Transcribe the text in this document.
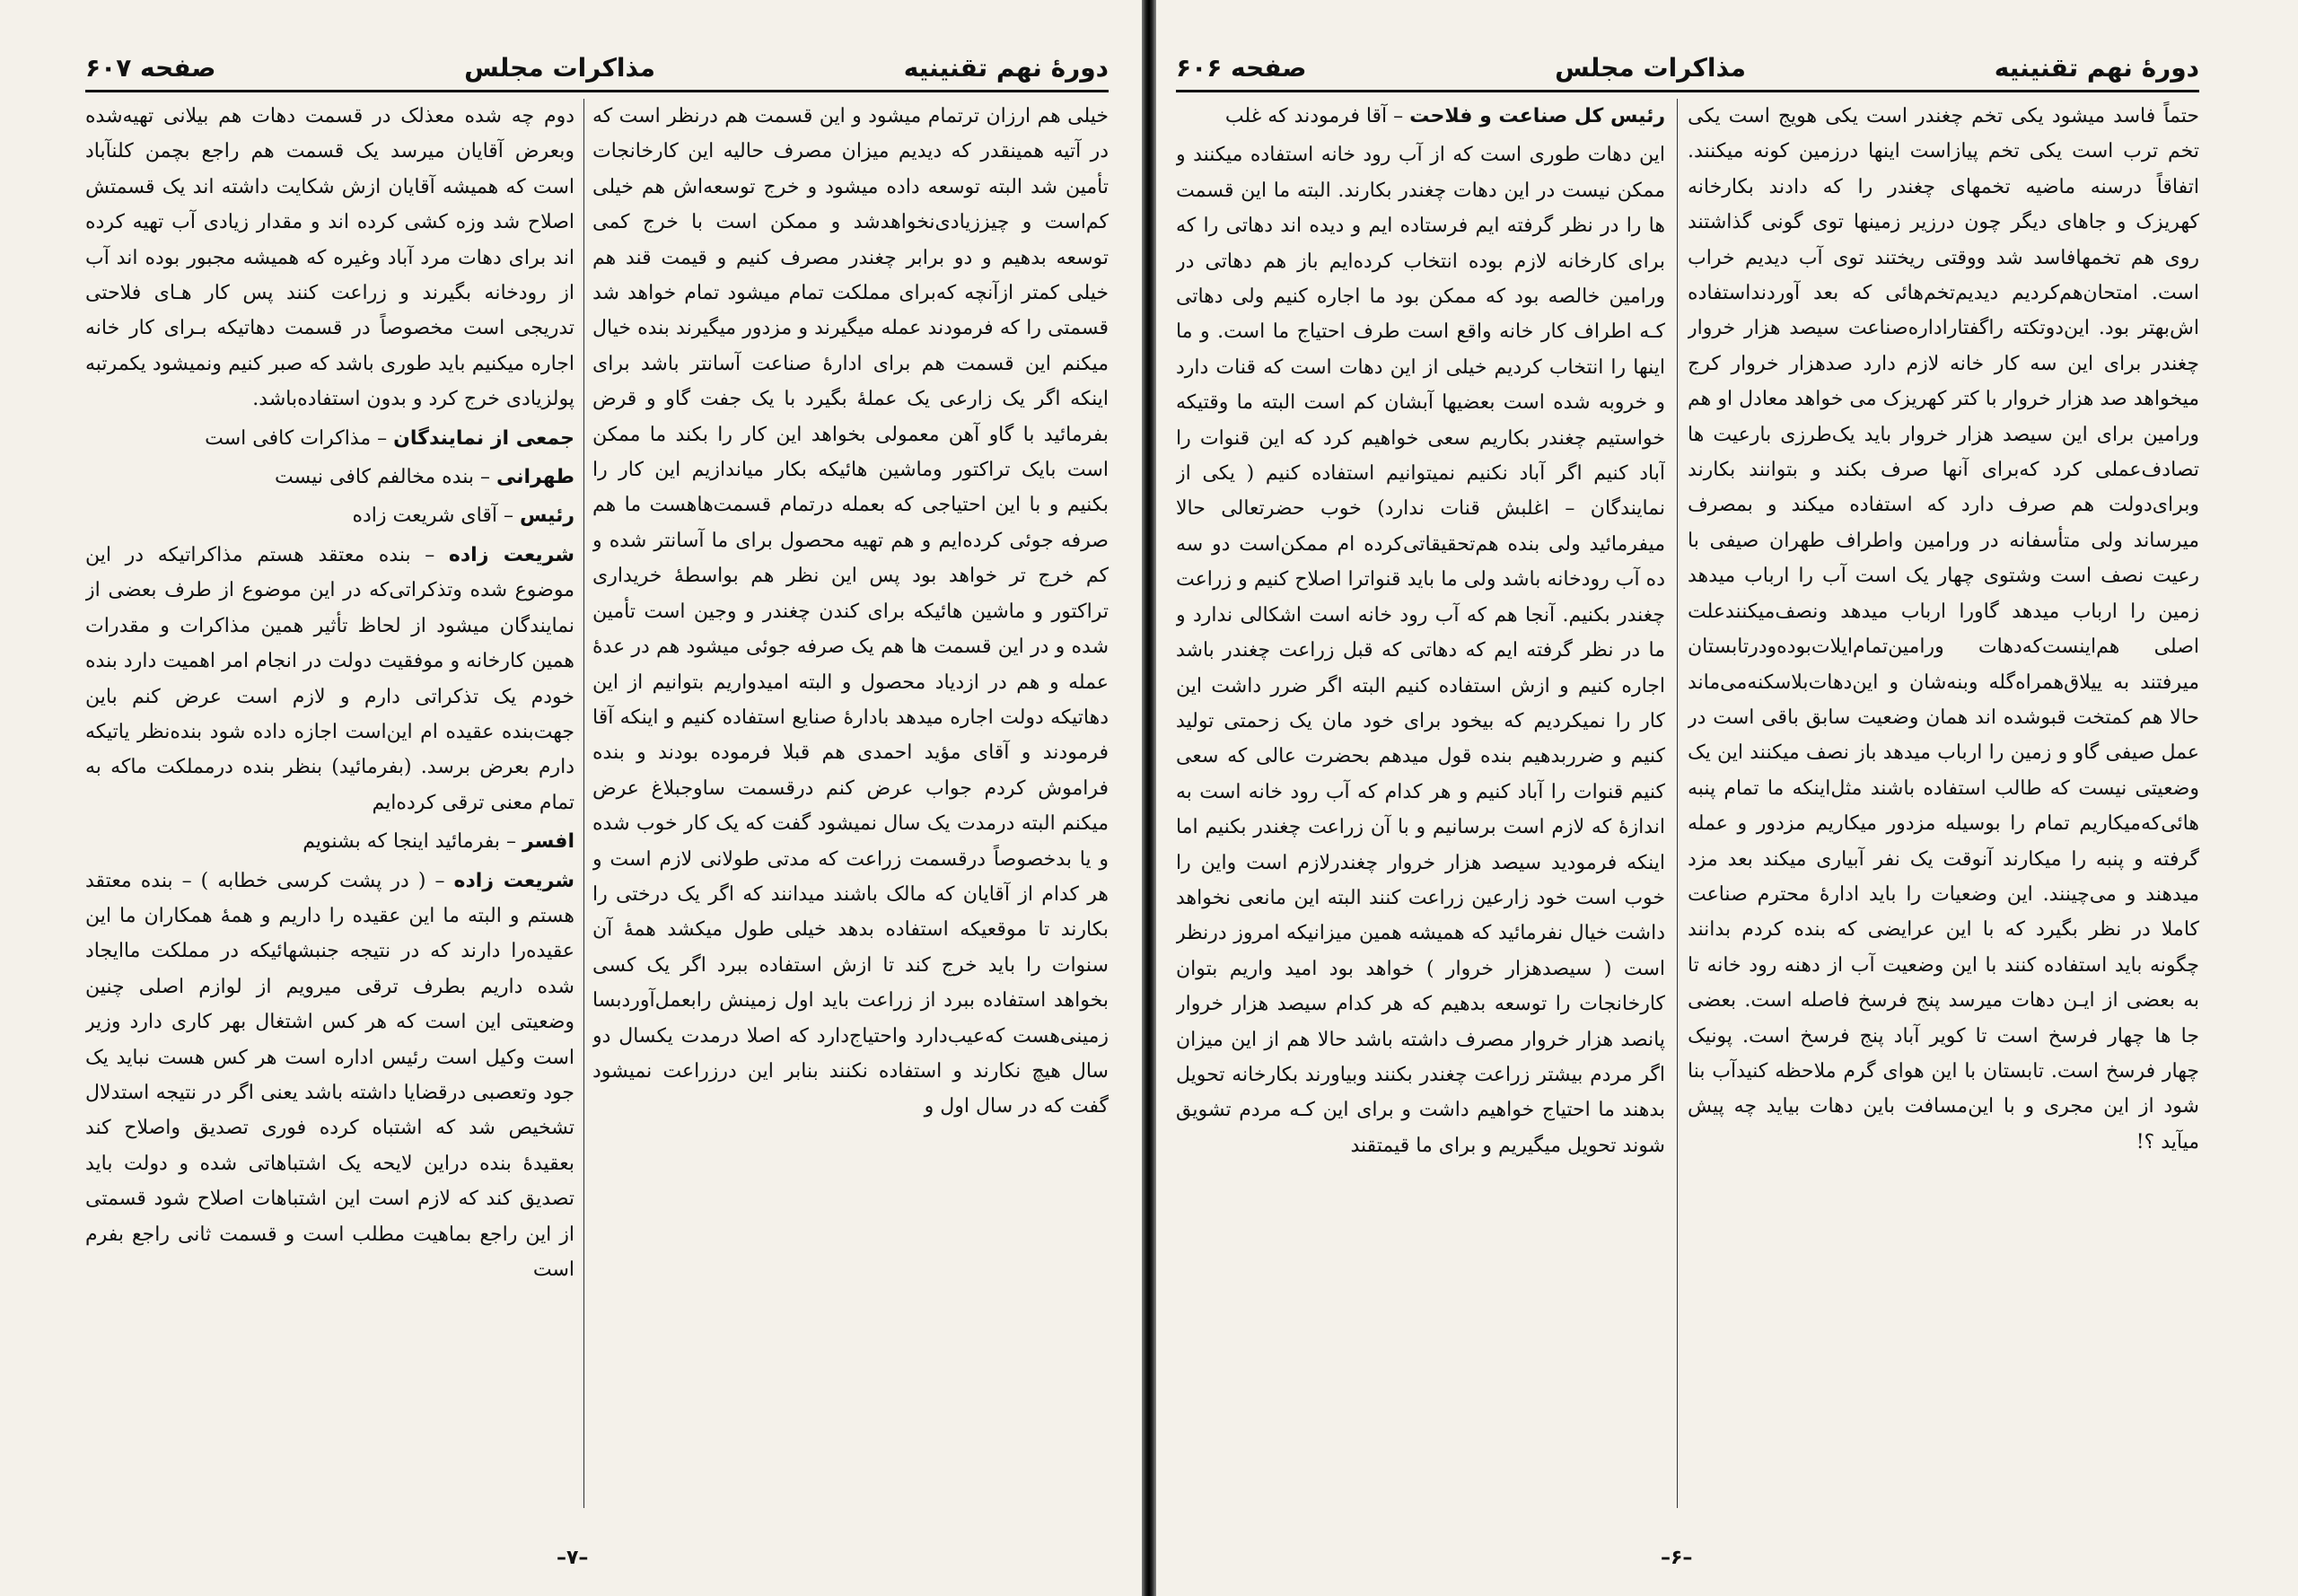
دورهٔ نهم تقنینیه
مذاکرات مجلس
صفحه ۶۰۷

خیلی هم ارزان ترتمام میشود و این قسمت هم درنظر است که در آتیه همینقدر که دیدیم میزان مصرف حالیه این کارخانجات تأمین شد البته توسعه داده میشود و خرج توسعه‌اش هم خیلی کم‌است و چیززیادی‌نخواهدشد و ممکن است با خرج کمی توسعه بدهیم و دو برابر چغندر مصرف کنیم و قیمت قند هم خیلی کمتر ازآنچه که‌برای مملکت تمام میشود تمام خواهد شد قسمتی را که فرمودند عمله میگیرند و مزدور میگیرند بنده خیال میکنم این قسمت هم برای ادارهٔ صناعت آسانتر باشد برای اینکه اگر یک زارعی یک عملهٔ بگیرد با یک جفت گاو و قرض بفرمائید با گاو آهن معمولی بخواهد این کار را بکند ما ممکن است بایک تراکتور وماشین هائیکه بکار میاندازیم این کار را بکنیم و با این احتیاجی که بعمله درتمام قسمت‌هاهست ما هم صرفه جوئی کرده‌ایم و هم تهیه محصول برای ما آسانتر شده و کم خرج تر خواهد بود پس این نظر هم بواسطهٔ خریداری تراکتور و ماشین هائیکه برای کندن چغندر و وجین است تأمین شده و در این قسمت ها هم یک صرفه جوئی میشود هم در عدهٔ عمله و هم در ازدیاد محصول و البته امیدواریم بتوانیم از این دهاتیکه دولت اجاره میدهد بادارهٔ صنایع استفاده کنیم و اینکه آقا فرمودند و آقای مؤید احمدی هم قبلا فرموده بودند و بنده فراموش کردم جواب عرض کنم درقسمت ساوجبلاغ عرض میکنم البته درمدت یک سال نمیشود گفت که یک کار خوب شده و یا بدخصوصاً درقسمت زراعت که مدتی طولانی لازم است و هر کدام از آقایان که مالک باشند میدانند که اگر یک درختی را بکارند تا موقعیکه استفاده بدهد خیلی طول میکشد همهٔ آن سنوات را باید خرج کند تا ازش استفاده ببرد اگر یک کسی بخواهد استفاده ببرد از زراعت باید اول زمینش را‌بعمل‌آوردبسا زمینی‌هست که‌عیب‌دارد واحتیاج‌دارد که اصلا درمدت یکسال دو سال هیچ نکارند و استفاده نکنند بنابر این درزراعت نمیشود گفت که در سال اول و

دوم چه شده معذلک در قسمت دهات هم بیلانی تهیه‌شده وبعرض آقایان میرسد یک قسمت هم راجع بچمن کلنآباد است که همیشه آقایان ازش شکایت داشته اند یک قسمتش اصلاح شد وزه کشی کرده اند و مقدار زیادی آب تهیه کرده اند برای دهات مرد آباد وغیره که همیشه مجبور بوده اند آب از رودخانه بگیرند و زراعت کنند پس کار هـای فلاحتی تدریجی است مخصوصاً در قسمت دهاتیکه بـرای کار خانه اجاره میکنیم باید طوری باشد که صبر کنیم ونمیشود یکمرتبه پولزیادی خرج کرد و بدون استفاده‌باشد.

جمعی از نمایندگان – مذاکرات کافی است

طهرانی – بنده مخالفم کافی نیست

رئیس – آقای شریعت زاده

شریعت زاده – بنده معتقد هستم مذاکراتیکه در این موضوع شده وتذکراتی‌که در این موضوع از طرف بعضی از نمایندگان میشود از لحاظ تأثیر همین مذاکرات و مقدرات همین کارخانه و موفقیت دولت در انجام امر اهمیت دارد بنده خودم یک تذکراتی دارم و لازم است عرض کنم باین جهت‌بنده عقیده ام این‌است اجازه داده شود بنده‌نظر یاتیکه دارم بعرض برسد. (بفرمائید) بنظر بنده درمملکت ماکه به تمام معنی ترقی کرده‌ایم

افسر – بفرمائید اینجا که بشنویم

شریعت زاده – ( در پشت کرسی خطابه ) – بنده معتقد هستم و البته ما این عقیده را داریم و همهٔ همکاران ما این عقیده‌را دارند که در نتیجه جنبشهائیکه در مملکت ماایجاد شده داریم بطرف ترقی میرویم از لوازم اصلی چنین وضعیتی این است که هر کس اشتغال بهر کاری دارد وزیر است وکیل است رئیس اداره است هر کس هست نباید یک جود وتعصبی درقضایا داشته باشد یعنی اگر در نتیجه استدلال تشخیص شد که اشتباه کرده فوری تصدیق واصلاح کند بعقیدهٔ بنده دراین لایحه یک اشتباهاتی شده و دولت باید تصدیق کند که لازم است این اشتباهات اصلاح شود قسمتی از این راجع بماهیت مطلب است و قسمت ثانی راجع بفرم است

–۷–
دورهٔ نهم تقنینیه
مذاکرات مجلس
صفحه ۶۰۶

حتماً فاسد میشود یکی تخم چغندر است یکی هویج است یکی تخم ترب است یکی تخم پیازاست اینها درزمین کونه میکنند. اتفاقاً درسنه ماضیه تخمهای چغندر را که دادند بکارخانه کهریزک و جاهای دیگر چون درزیر زمینها توی گونی گذاشتند روی هم تخمهافاسد شد ووقتی ریختند توی آب دیدیم خراب است. امتحان‌هم‌کردیم دیدیم‌تخم‌هائی که بعد آوردند‌استفاده اش‌بهتر بود. این‌دوتکته راگفتاراداره‌صناعت سیصد هزار خروار چغندر برای این سه کار خانه لازم دارد صدهزار خروار کرج میخواهد صد هزار خروار با کتر کهریزک می خواهد معادل او هم ورامین برای این سیصد هزار خروار باید یک‌طرزی بارعیت ها تصادف‌عملی کرد که‌برای آنها صرف بکند و بتوانند بکارند وبرای‌دولت هم صرف دارد که استفاده میکند و بمصرف میرساند ولی متأسفانه در ورامین واطراف طهران صیفی با رعیت نصف است وشتوی چهار یک است آب را ارباب میدهد زمین را ارباب میدهد گاورا ارباب میدهد ونصف‌میکنندعلت اصلی هم‌اینست‌که‌دهات ورامین‌تمام‌ایلات‌بوده‌ودرتابستان میرفتند به ییلاق‌همراه‌گله وبنه‌شان و این‌دهات‌بلاسکنه‌می‌ماند حالا هم کمتخت قبوشده اند همان وضعیت سابق باقی است در عمل صیفی گاو و زمین را ارباب میدهد باز نصف میکنند این یک وضعیتی نیست که طالب استفاده باشند مثل‌اینکه ما تمام پنبه هائی‌که‌میکاریم تمام را بوسیله مزدور میکاریم مزدور و عمله گرفته و پنبه را میکارند آنوقت یک نفر آبیاری میکند بعد مزد میدهند و می‌چینند. این وضعیات را باید ادارهٔ محترم صناعت کاملا در نظر بگیرد که با این عرایضی که بنده کردم بدانند چگونه باید استفاده کنند با این وضعیت آب از دهنه رود خانه تا به بعضی از ایـن دهات میرسد پنج فرسخ فاصله است. بعضی جا ها چهار فرسخ است تا کویر آباد پنج فرسخ است. پونیک چهار فرسخ است. تابستان با این هوای گرم ملاحظه کنیدآب بنا شود از این مجری و با این‌مسافت باین دهات بیاید چه پیش میآید ؟!

رئیس کل صناعت و فلاحت – آقا فرمودند که غلب

این دهات طوری است که از آب رود خانه استفاده میکنند و ممکن نیست در این دهات چغندر بکارند. البته ما این قسمت ها را در نظر گرفته ایم فرستاده ایم و دیده اند دهاتی را که برای کارخانه لازم بوده انتخاب کرده‌ایم باز هم دهاتی در ورامین خالصه بود که ممکن بود ما اجاره کنیم ولی دهاتی کـه اطراف کار خانه واقع است طرف احتیاج ما است. و ما اینها را انتخاب کردیم خیلی از این دهات است که‌ قنات دارد و خروبه شده است بعضیها آبشان کم است البته ما وقتیکه خواستیم چغندر بکاریم سعی خواهیم کرد که این قنوات را آباد کنیم اگر آباد نکنیم نمیتوانیم استفاده کنیم ( یکی از نمایندگان – اغلبش قنات ندارد) خوب حضرتعالی حالا میفرمائید ولی بنده هم‌تحقیقاتی‌کرده‌ ام ممکن‌است دو سه ده آب رودخانه باشد ولی ما باید قنواترا اصلاح کنیم و زراعت چغندر بکنیم. آنجا هم که آب رود خانه است اشکالی ندارد و ما در نظر گرفته ایم که دهاتی که قبل زراعت چغندر باشد اجاره کنیم و ازش استفاده کنیم البته اگر ضرر داشت این کار را نمیکردیم که بیخود برای خود مان یک زحمتی تولید کنیم و ضرربدهیم بنده قول میدهم بحضرت عالی که سعی کنیم قنوات را آباد کنیم و هر کدام که آب رود خانه است به اندازهٔ که لازم است برسانیم و با آن زراعت چغندر بکنیم اما اینکه فرمودید سیصد هزار خروار چغندرلازم است واین را خوب است خود زارعین زراعت کنند البته این مانعی نخواهد داشت خیال نفرمائید که همیشه همین میزانیکه امروز درنظر است ( سیصدهزار خروار ) خواهد بود امید واریم بتوان کارخانجات را توسعه بدهیم که هر کدام سیصد هزار خروار پانصد هزار خروار مصرف داشته باشد حالا هم از این میزان اگر مردم بیشتر زراعت چغندر بکنند وبیاورند بکارخانه تحویل بدهند ما احتیاج خواهیم داشت و برای این کـه مردم تشویق شوند تحویل میگیریم و برای ما قیمتقند

–۶–
